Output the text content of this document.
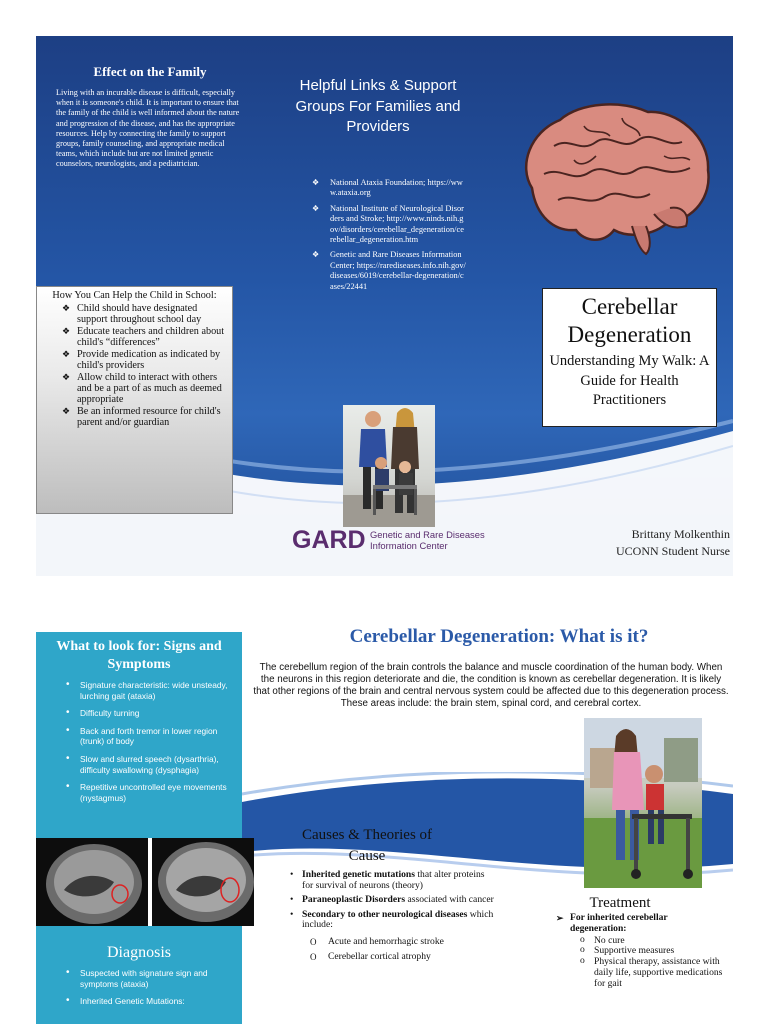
Effect on the Family
Living with an incurable disease is difficult, especially when it is someone's child. It is important to ensure that the family of the child is well informed about the nature and progression of the disease, and has the appropriate resources. Help by connecting the family to support groups, family counseling, and appropriate medical teams, which include but are not limited genetic counselors, neurologists, and a pediatrician.
How You Can Help the Child in School:
❖ Child should have designated support throughout school day
❖ Educate teachers and children about child's “differences”
❖ Provide medication as indicated by child's providers
❖ Allow child to interact with others and be a part of as much as deemed appropriate
❖ Be an informed resource for child's parent and/or guardian
Helpful Links & Support Groups For Families and Providers
❖ National Ataxia Foundation; https://www.ataxia.org
❖ National Institute of Neurological Disorders and Stroke; http://www.ninds.nih.gov/disorders/cerebellar_degeneration/cerebellar_degeneration.htm
❖ Genetic and Rare Diseases Information Center; https://rarediseases.info.nih.gov/diseases/6019/cerebellar-degeneration/cases/22441
GARD Genetic and Rare Diseases
Information Center
Cerebellar Degeneration
Understanding My Walk: A Guide for Health Practitioners
Brittany Molkenthin
UCONN Student Nurse
What to look for: Signs and Symptoms
• Signature characteristic: wide unsteady, lurching gait (ataxia)
• Difficulty turning
• Back and forth tremor in lower region (trunk) of body
• Slow and slurred speech (dysarthria), difficulty swallowing (dysphagia)
• Repetitive uncontrolled eye movements (nystagmus)
Diagnosis
• Suspected with signature sign and symptoms (ataxia)
• Inherited Genetic Mutations:
Cerebellar Degeneration: What is it?
The cerebellum region of the brain controls the balance and muscle coordination of the human body. When the neurons in this region deteriorate and die, the condition is known as cerebellar degeneration. It is likely that other regions of the brain and central nervous system could be affected due to this degeneration process. These areas include: the brain stem, spinal cord, and cerebral cortex.
Causes & Theories of Cause
• Inherited genetic mutations that alter proteins for survival of neurons (theory)
• Paraneoplastic Disorders associated with cancer
• Secondary to other neurological diseases which include:
O Acute and hemorrhagic stroke
O Cerebellar cortical atrophy
Treatment
➢ For inherited cerebellar degeneration:
o No cure
o Supportive measures
o Physical therapy, assistance with daily life, supportive medications for gait
